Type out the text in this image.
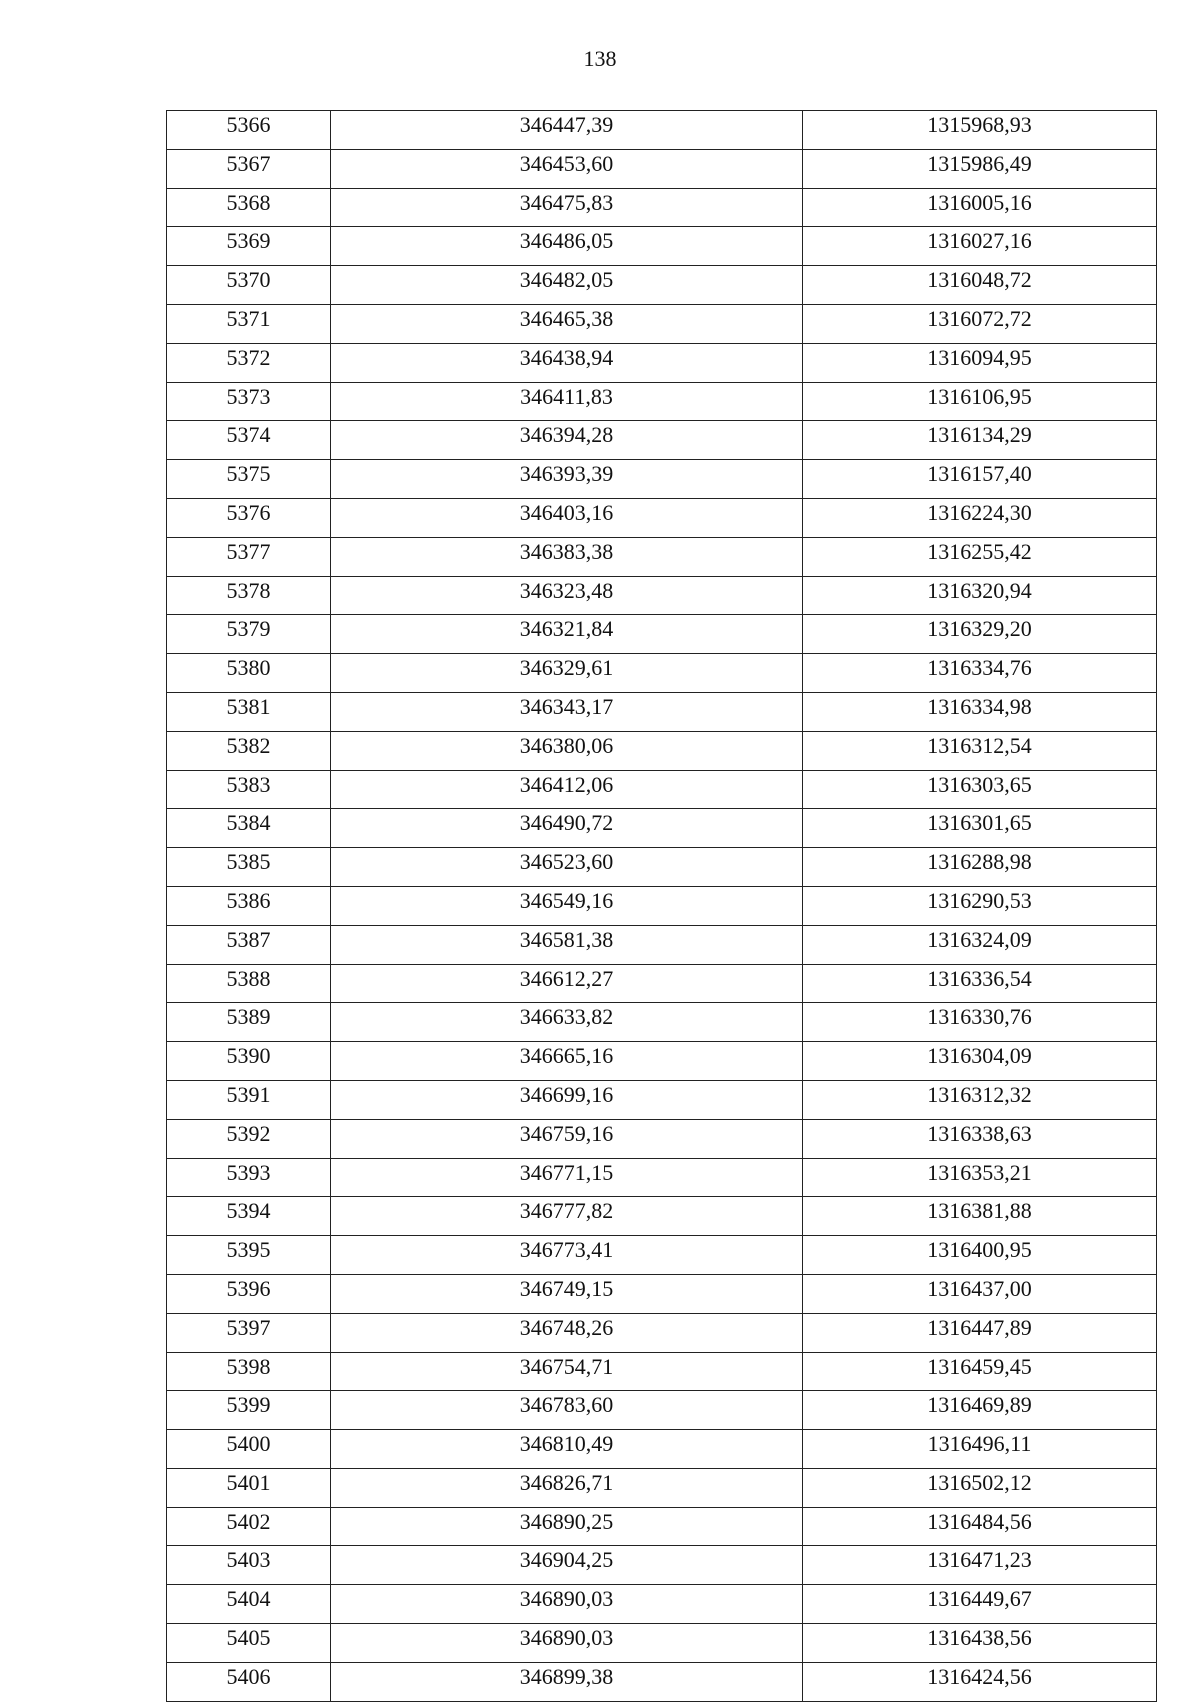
138
5366	346447,39	1315968,93
5367	346453,60	1315986,49
5368	346475,83	1316005,16
5369	346486,05	1316027,16
5370	346482,05	1316048,72
5371	346465,38	1316072,72
5372	346438,94	1316094,95
5373	346411,83	1316106,95
5374	346394,28	1316134,29
5375	346393,39	1316157,40
5376	346403,16	1316224,30
5377	346383,38	1316255,42
5378	346323,48	1316320,94
5379	346321,84	1316329,20
5380	346329,61	1316334,76
5381	346343,17	1316334,98
5382	346380,06	1316312,54
5383	346412,06	1316303,65
5384	346490,72	1316301,65
5385	346523,60	1316288,98
5386	346549,16	1316290,53
5387	346581,38	1316324,09
5388	346612,27	1316336,54
5389	346633,82	1316330,76
5390	346665,16	1316304,09
5391	346699,16	1316312,32
5392	346759,16	1316338,63
5393	346771,15	1316353,21
5394	346777,82	1316381,88
5395	346773,41	1316400,95
5396	346749,15	1316437,00
5397	346748,26	1316447,89
5398	346754,71	1316459,45
5399	346783,60	1316469,89
5400	346810,49	1316496,11
5401	346826,71	1316502,12
5402	346890,25	1316484,56
5403	346904,25	1316471,23
5404	346890,03	1316449,67
5405	346890,03	1316438,56
5406	346899,38	1316424,56
